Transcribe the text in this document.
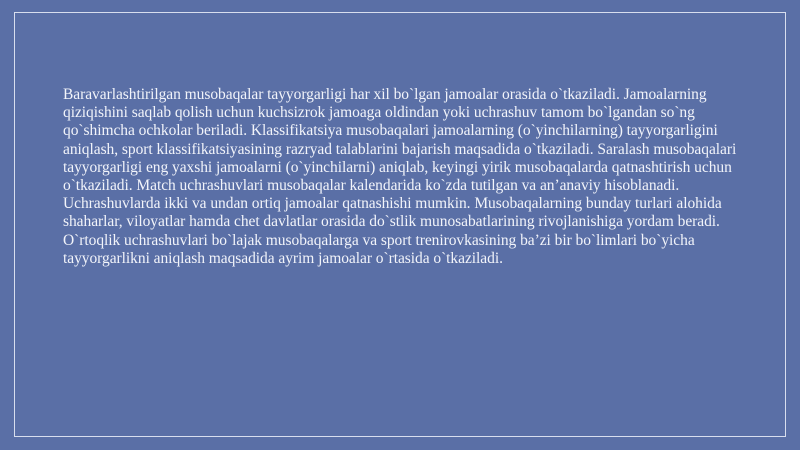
Baravarlashtirilgan musobaqalar tayyorgarligi har xil bo`lgan jamoalar orasida o`tkaziladi. Jamoalarning qiziqishini saqlab qolish uchun kuchsizrok jamoaga oldindan yoki uchrashuv tamom bo`lgandan so`ng qo`shimcha ochkolar beriladi. Klassifikatsiya musobaqalari jamoalarning (o`yinchilarning) tayyorgarligini aniqlash, sport klassifikatsiyasining razryad talablarini bajarish maqsadida o`tkaziladi. Saralash musobaqalari tayyorgarligi eng yaxshi jamoalarni (o`yinchilarni) aniqlab, keyingi yirik musobaqalarda qatnashtirish uchun o`tkaziladi. Match uchrashuvlari musobaqalar kalendarida ko`zda tutilgan va an’anaviy hisoblanadi. Uchrashuvlarda ikki va undan ortiq jamoalar qatnashishi mumkin. Musobaqalarning bunday turlari alohida shaharlar, viloyatlar hamda chet davlatlar orasida do`stlik munosabatlarining rivojlanishiga yordam beradi. O`rtoqlik uchrashuvlari bo`lajak musobaqalarga va sport trenirovkasining ba’zi bir bo`limlari bo`yicha tayyorgarlikni aniqlash maqsadida ayrim jamoalar o`rtasida o`tkaziladi.
